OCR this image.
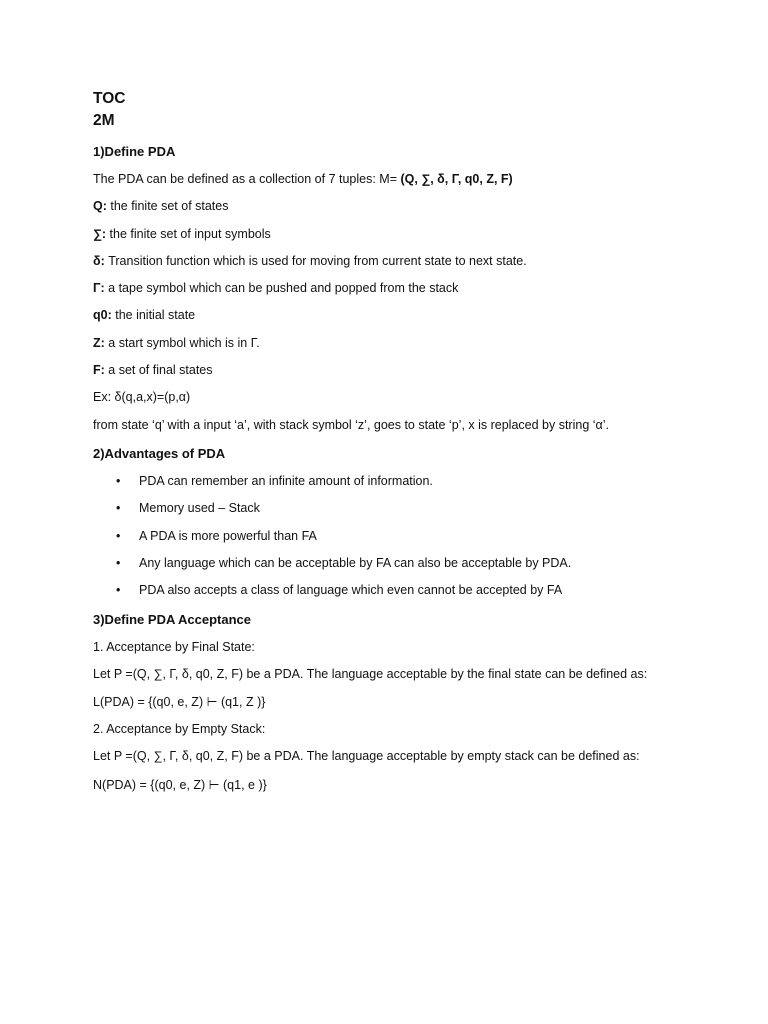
TOC
2M
1)Define PDA
The PDA can be defined as a collection of 7 tuples: M= (Q, ∑, δ, Γ, q0, Z, F)
Q: the finite set of states
∑: the finite set of input symbols
δ: Transition function which is used for moving from current state to next state.
Γ: a tape symbol which can be pushed and popped from the stack
q0: the initial state
Z: a start symbol which is in Γ.
F: a set of final states
Ex: δ(q,a,x)=(p,α)
from state ‘q’ with a input ‘a’, with stack symbol ‘z’, goes to state ‘p’, x is replaced by string ‘α’.
2)Advantages of PDA
• PDA can remember an infinite amount of information.
• Memory used – Stack
• A PDA is more powerful than FA
• Any language which can be acceptable by FA can also be acceptable by PDA.
• PDA also accepts a class of language which even cannot be accepted by FA
3)Define PDA Acceptance
1. Acceptance by Final State:
Let P =(Q, ∑, Γ, δ, q0, Z, F) be a PDA. The language acceptable by the final state can be defined as:
L(PDA) = {(q0, e, Z) ⊢ (q1, Z )}
2. Acceptance by Empty Stack:
Let P =(Q, ∑, Γ, δ, q0, Z, F) be a PDA. The language acceptable by empty stack can be defined as:
N(PDA) = {(q0, e, Z) ⊢ (q1, e )}
